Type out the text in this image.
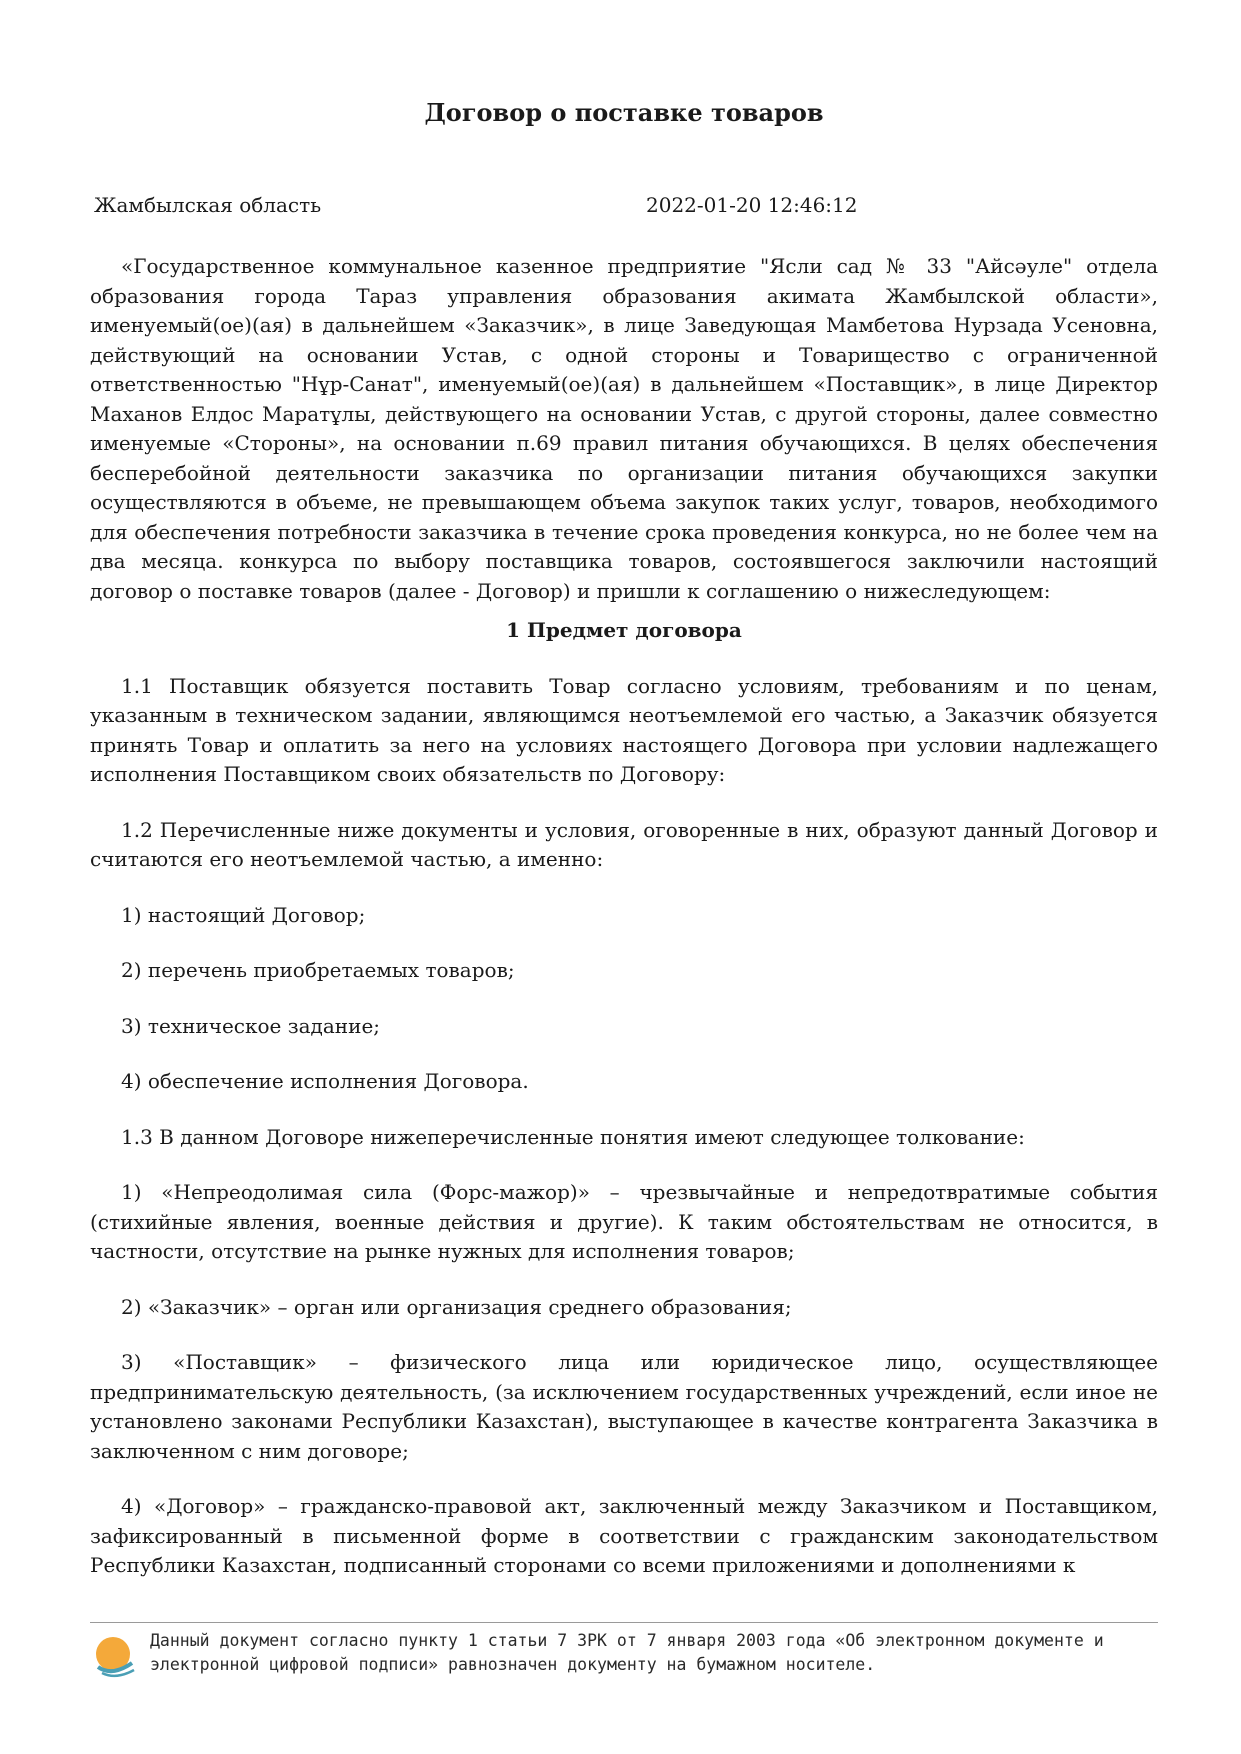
Договор о поставке товаров
Жамбылская область	2022-01-20 12:46:12

«Государственное коммунальное казенное предприятие "Ясли сад № 33 "Айсәуле" отдела образования города Тараз управления образования акимата Жамбылской области», именуемый(ое)(ая) в дальнейшем «Заказчик», в лице Заведующая Мамбетова Нурзада Усеновна, действующий на основании Устав, с одной стороны и Товарищество с ограниченной ответственностью "Нұр-Санат", именуемый(ое)(ая) в дальнейшем «Поставщик», в лице Директор Маханов Елдос Маратұлы, действующего на основании Устав, с другой стороны, далее совместно именуемые «Стороны», на основании п.69 правил питания обучающихся. В целях обеспечения бесперебойной деятельности заказчика по организации питания обучающихся закупки осуществляются в объеме, не превышающем объема закупок таких услуг, товаров, необходимого для обеспечения потребности заказчика в течение срока проведения конкурса, но не более чем на два месяца. конкурса по выбору поставщика товаров, состоявшегося заключили настоящий договор о поставке товаров (далее - Договор) и пришли к соглашению о нижеследующем:

1 Предмет договора

1.1 Поставщик обязуется поставить Товар согласно условиям, требованиям и по ценам, указанным в техническом задании, являющимся неотъемлемой его частью, а Заказчик обязуется принять Товар и оплатить за него на условиях настоящего Договора при условии надлежащего исполнения Поставщиком своих обязательств по Договору:

1.2 Перечисленные ниже документы и условия, оговоренные в них, образуют данный Договор и считаются его неотъемлемой частью, а именно:

1) настоящий Договор;

2) перечень приобретаемых товаров;

3) техническое задание;

4) обеспечение исполнения Договора.

1.3 В данном Договоре нижеперечисленные понятия имеют следующее толкование:

1) «Непреодолимая сила (Форс-мажор)» – чрезвычайные и непредотвратимые события (стихийные явления, военные действия и другие). К таким обстоятельствам не относится, в частности, отсутствие на рынке нужных для исполнения товаров;

2) «Заказчик» – орган или организация среднего образования;

3) «Поставщик» – физического лица или юридическое лицо, осуществляющее предпринимательскую деятельность, (за исключением государственных учреждений, если иное не установлено законами Республики Казахстан), выступающее в качестве контрагента Заказчика в заключенном с ним договоре;

4) «Договор» – гражданско-правовой акт, заключенный между Заказчиком и Поставщиком, зафиксированный в письменной форме в соответствии с гражданским законодательством Республики Казахстан, подписанный сторонами со всеми приложениями и дополнениями к

Данный документ согласно пункту 1 статьи 7 ЗРК от 7 января 2003 года «Об электронном документе и электронной цифровой подписи» равнозначен документу на бумажном носителе.
